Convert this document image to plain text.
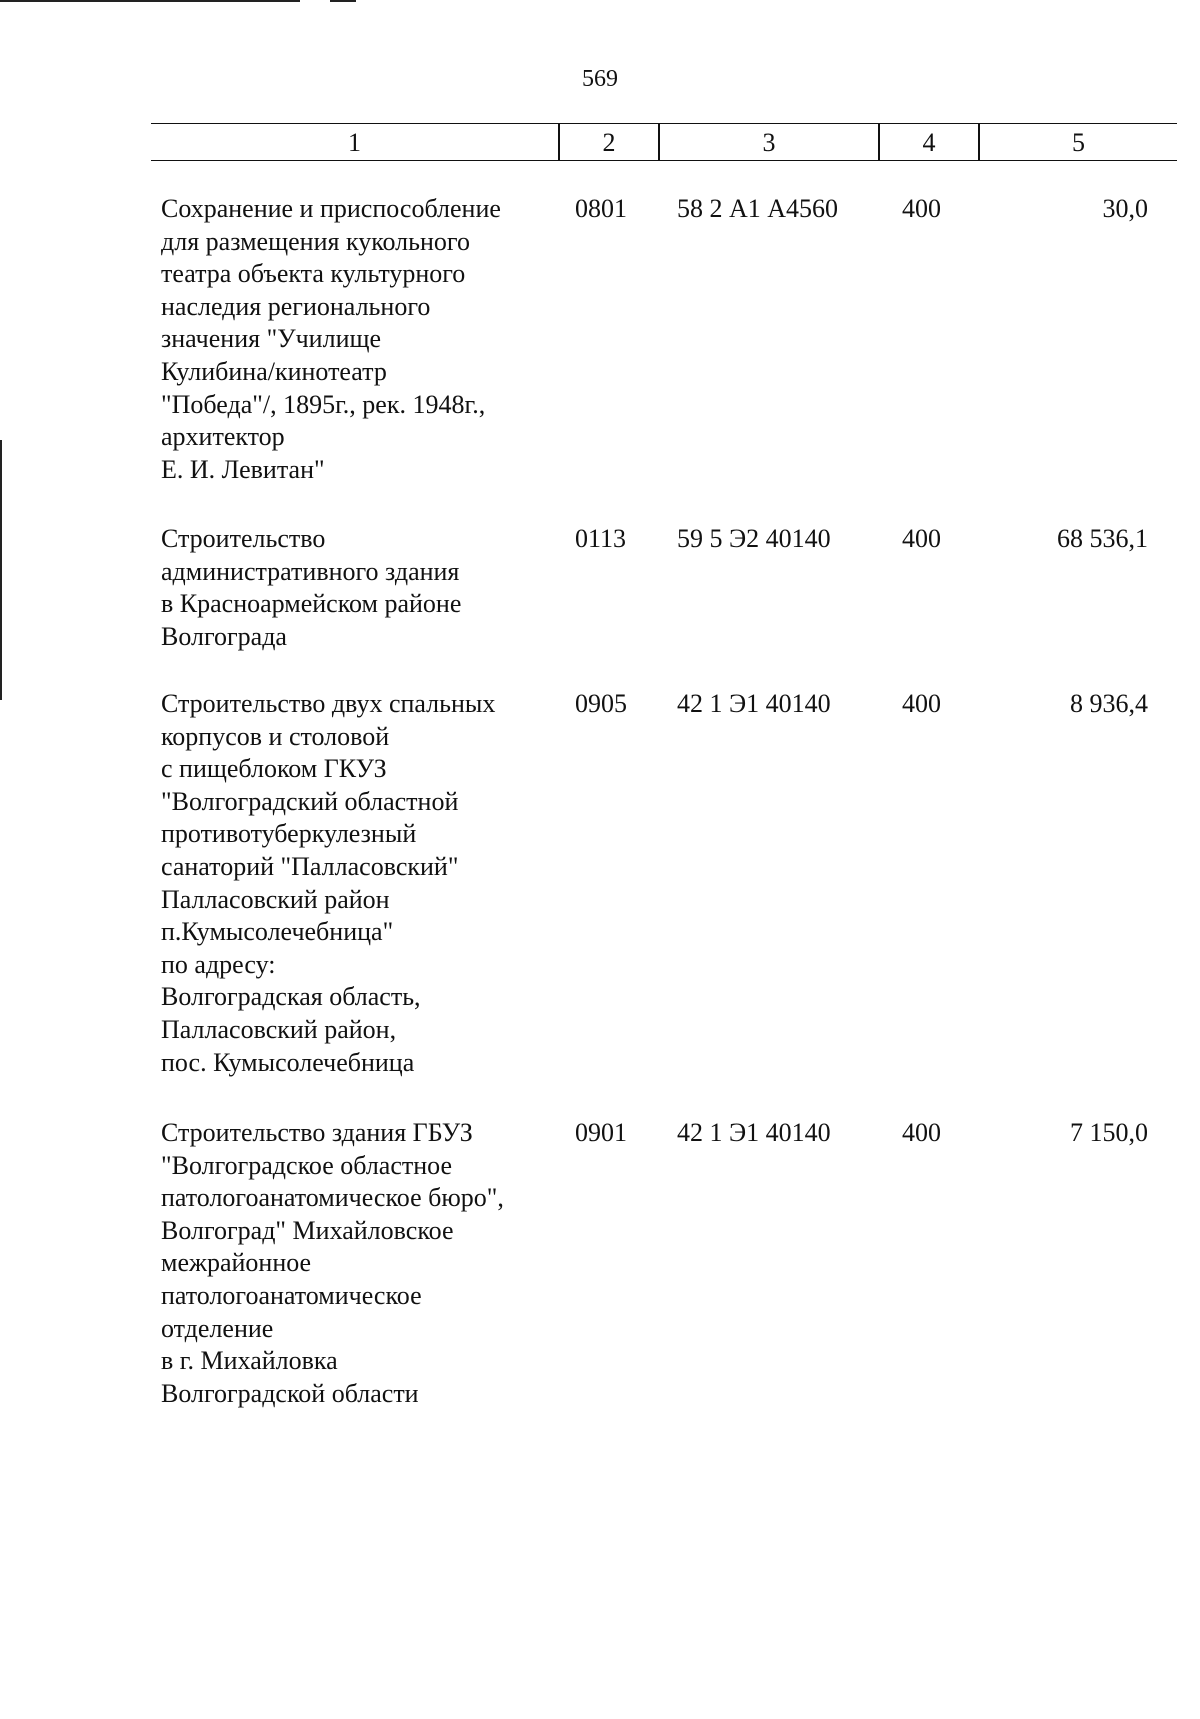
569
1	2	3	4	5
Сохранение и приспособление
для размещения кукольного
театра объекта культурного
наследия регионального
значения "Училище
Кулибина/кинотеатр
"Победа"/, 1895г., рек. 1948г.,
архитектор
Е. И. Левитан"
0801	58 2 А1 А4560	400	30,0
Строительство
административного здания
в Красноармейском районе
Волгограда
0113	59 5 Э2 40140	400	68 536,1
Строительство двух спальных
корпусов и столовой
с пищеблоком ГКУЗ
"Волгоградский областной
противотуберкулезный
санаторий "Палласовский"
Палласовский район
п.Кумысолечебница"
по адресу:
Волгоградская область,
Палласовский район,
пос. Кумысолечебница
0905	42 1 Э1 40140	400	8 936,4
Строительство здания ГБУЗ
"Волгоградское областное
патологоанатомическое бюро",
Волгоград" Михайловское
межрайонное
патологоанатомическое
отделение
в г. Михайловка
Волгоградской области
0901	42 1 Э1 40140	400	7 150,0
